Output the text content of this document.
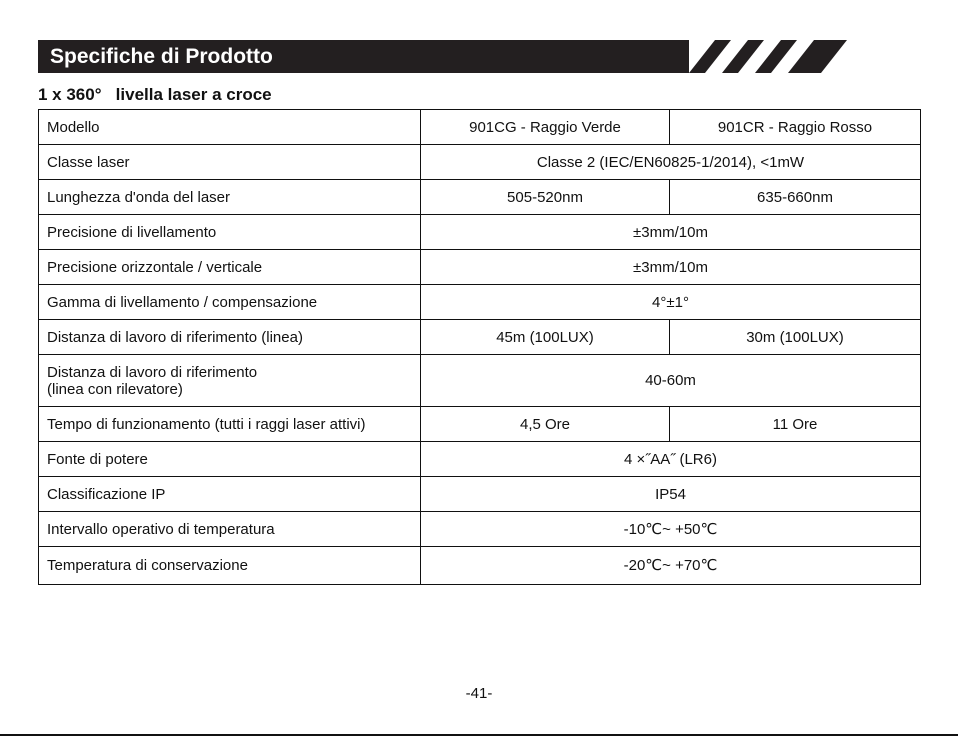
Specifiche di Prodotto
1 x 360°   livella laser a croce
Modello	901CG - Raggio Verde	901CR - Raggio Rosso
Classe laser	Classe 2 (IEC/EN60825-1/2014), <1mW	
Lunghezza d'onda del laser	505-520nm	635-660nm
Precisione di livellamento	±3mm/10m	
Precisione orizzontale / verticale	±3mm/10m	
Gamma di livellamento / compensazione	4°±1°	
Distanza di lavoro di riferimento (linea)	45m (100LUX)	30m (100LUX)

Distanza di lavoro di riferimento
(linea con rilevatore)	40-60m	
Tempo di funzionamento (tutti i raggi laser attivi)	4,5 Ore	11 Ore
Fonte di potere	4 ×˝AA˝ (LR6)	
Classificazione IP	IP54	
Intervallo operativo di temperatura	-10℃~ +50℃	
Temperatura di conservazione	-20℃~ +70℃	
-41-
